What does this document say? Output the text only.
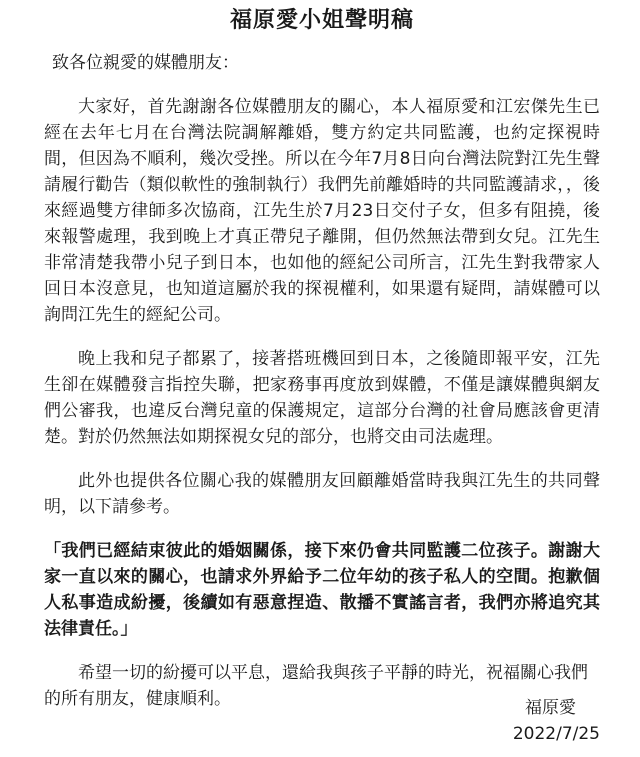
福原愛小姐聲明稿

致各位親愛的媒體朋友：

大家好，首先謝謝各位媒體朋友的關心，本人福原愛和江宏傑先生已經在去年七月在台灣法院調解離婚，雙方約定共同監護，也約定探視時間，但因為不順利，幾次受挫。所以在今年7月8日向台灣法院對江先生聲請履行勸告（類似軟性的強制執行）我們先前離婚時的共同監護請求，，後來經過雙方律師多次協商，江先生於7月23日交付子女，但多有阻撓，後來報警處理，我到晚上才真正帶兒子離開，但仍然無法帶到女兒。江先生非常清楚我帶小兒子到日本，也如他的經紀公司所言，江先生對我帶家人回日本沒意見，也知道這屬於我的探視權利，如果還有疑問，請媒體可以詢問江先生的經紀公司。

晚上我和兒子都累了，接著搭班機回到日本，之後隨即報平安，江先生卻在媒體發言指控失聯，把家務事再度放到媒體，不僅是讓媒體與網友們公審我，也違反台灣兒童的保護規定，這部分台灣的社會局應該會更清楚。對於仍然無法如期探視女兒的部分，也將交由司法處理。

此外也提供各位關心我的媒體朋友回顧離婚當時我與江先生的共同聲明，以下請參考。

「我們已經結束彼此的婚姻關係，接下來仍會共同監護二位孩子。謝謝大家一直以來的關心，也請求外界給予二位年幼的孩子私人的空間。抱歉個人私事造成紛擾，後續如有惡意捏造、散播不實謠言者，我們亦將追究其法律責任。」

希望一切的紛擾可以平息，還給我與孩子平靜的時光，祝福關心我們的所有朋友，健康順利。	福原愛
2022/7/25
